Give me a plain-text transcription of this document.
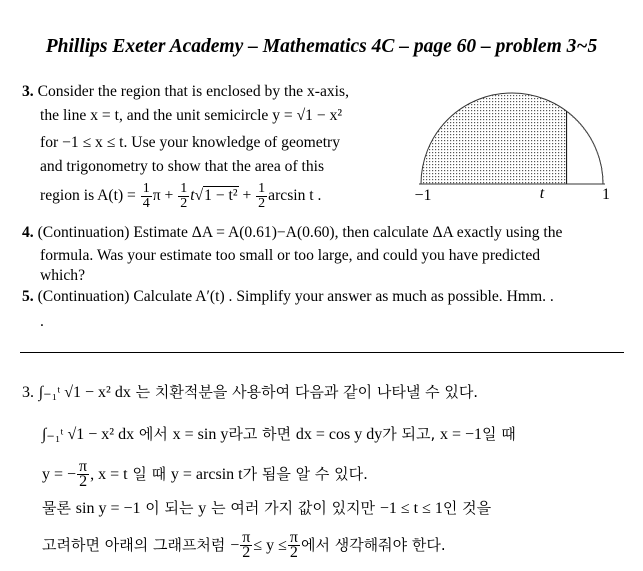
Phillips Exeter Academy – Mathematics 4C – page 60 – problem 3~5
3. Consider the region that is enclosed by the x-axis,
the line x = t, and the unit semicircle y = √1 − x²
for −1 ≤ x ≤ t. Use your knowledge of geometry
and trigonometry to show that the area of this
region is $A(t) = \frac{1}{4}$ $\pi + \frac{1}{2} t√1 - t^2 + \frac{1}{2}$ arcsin t .	−1	t	1
4. (Continuation) Estimate ΔA = A(0.61)−A(0.60), then calculate ΔA exactly using the
formula. Was your estimate too small or too large, and could you have predicted
which?
5. (Continuation) Calculate A′(t) . Simplify your answer as much as possible. Hmm. .
.
3. ∫₋₁ᵗ √1 − x² dx 는 치환적분을 사용하여 다음과 같이 나타낼 수 있다.
∫₋₁ᵗ √1 − x² dx 에서 x = sin y라고 하면 dx = cos y dy가 되고, x = −1일 때
y = − $\frac{\pi}{2}$ , x = t 일 때 y = arcsin t가 됨을 알 수 있다.
물론 sin y = −1 이 되는 y 는 여러 가지 값이 있지만 −1 ≤ t ≤ 1인 것을
고려하면 아래의 그래프처럼 − $\frac{\pi}{2} \le y \le \frac{\pi}{2}$ 에서 생각해줘야 한다.
